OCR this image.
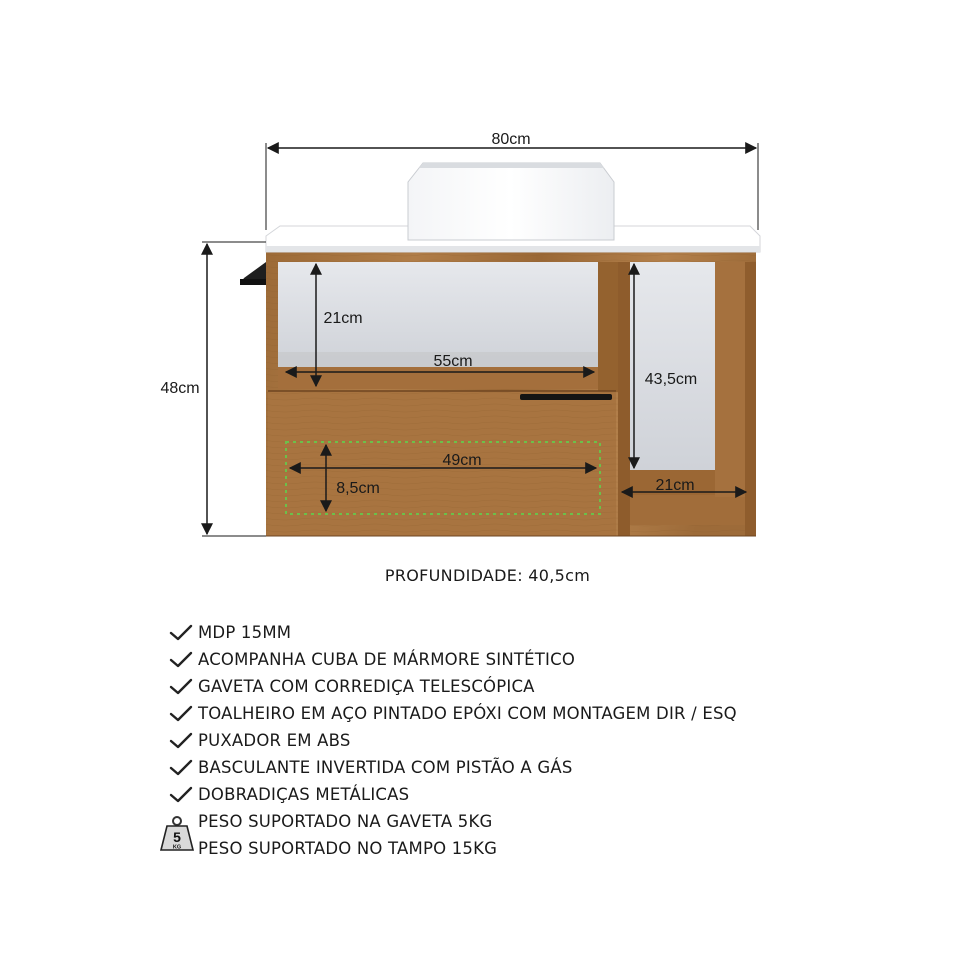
80cm
48cm
21cm
55cm
43,5cm
49cm
8,5cm	21cm
PROFUNDIDADE: 40,5cm
MDP 15MM
ACOMPANHA CUBA DE MÁRMORE SINTÉTICO
GAVETA COM CORREDIÇA TELESCÓPICA
TOALHEIRO EM AÇO PINTADO EPÓXI COM MONTAGEM DIR / ESQ
PUXADOR EM ABS
BASCULANTE INVERTIDA COM PISTÃO A GÁS
DOBRADIÇAS METÁLICAS
5
KG
PESO SUPORTADO NA GAVETA 5KG
PESO SUPORTADO NO TAMPO 15KG
